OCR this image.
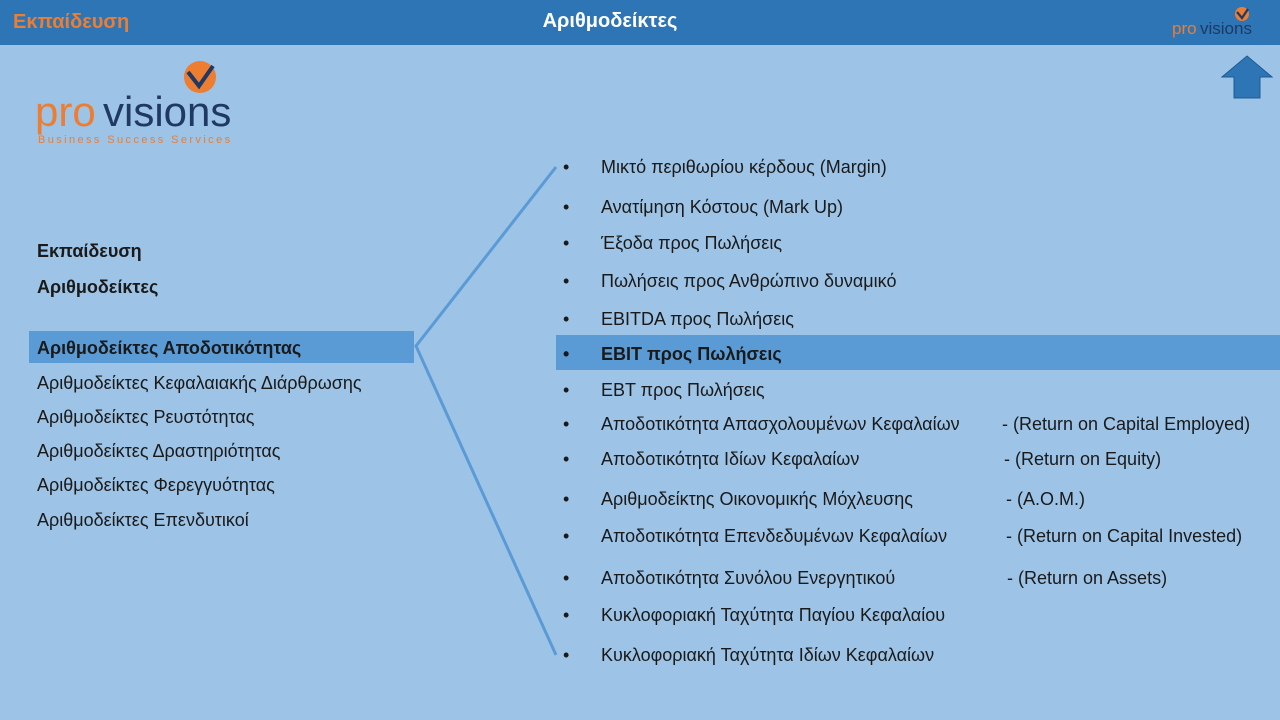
Εκπαίδευση	Αριθμοδείκτες	pro visions
pro visions
Business Success Services
Εκπαίδευση
Αριθμοδείκτες
Αριθμοδείκτες Αποδοτικότητας
Αριθμοδείκτες Κεφαλαιακής Διάρθρωσης
Αριθμοδείκτες Ρευστότητας
Αριθμοδείκτες Δραστηριότητας
Αριθμοδείκτες Φερεγγυότητας
Αριθμοδείκτες Επενδυτικοί
• Μικτό περιθωρίου κέρδους (Margin)
• Ανατίμηση Κόστους (Mark Up)
• Έξοδα προς Πωλήσεις
• Πωλήσεις προς Ανθρώπινο δυναμικό
• EBITDA προς Πωλήσεις
• EBIT προς Πωλήσεις
• EBT προς Πωλήσεις
• Αποδοτικότητα Απασχολουμένων Κεφαλαίων - (Return on Capital Employed)
• Αποδοτικότητα Ιδίων Κεφαλαίων	- (Return on Equity)
• Αριθμοδείκτης Οικονομικής Μόχλευσης	- (Α.Ο.Μ.)
• Αποδοτικότητα Επενδεδυμένων Κεφαλαίων	- (Return on Capital Invested)
• Αποδοτικότητα Συνόλου Ενεργητικού	- (Return on Assets)
• Κυκλοφοριακή Ταχύτητα Παγίου Κεφαλαίου
• Κυκλοφοριακή Ταχύτητα Ιδίων Κεφαλαίων
